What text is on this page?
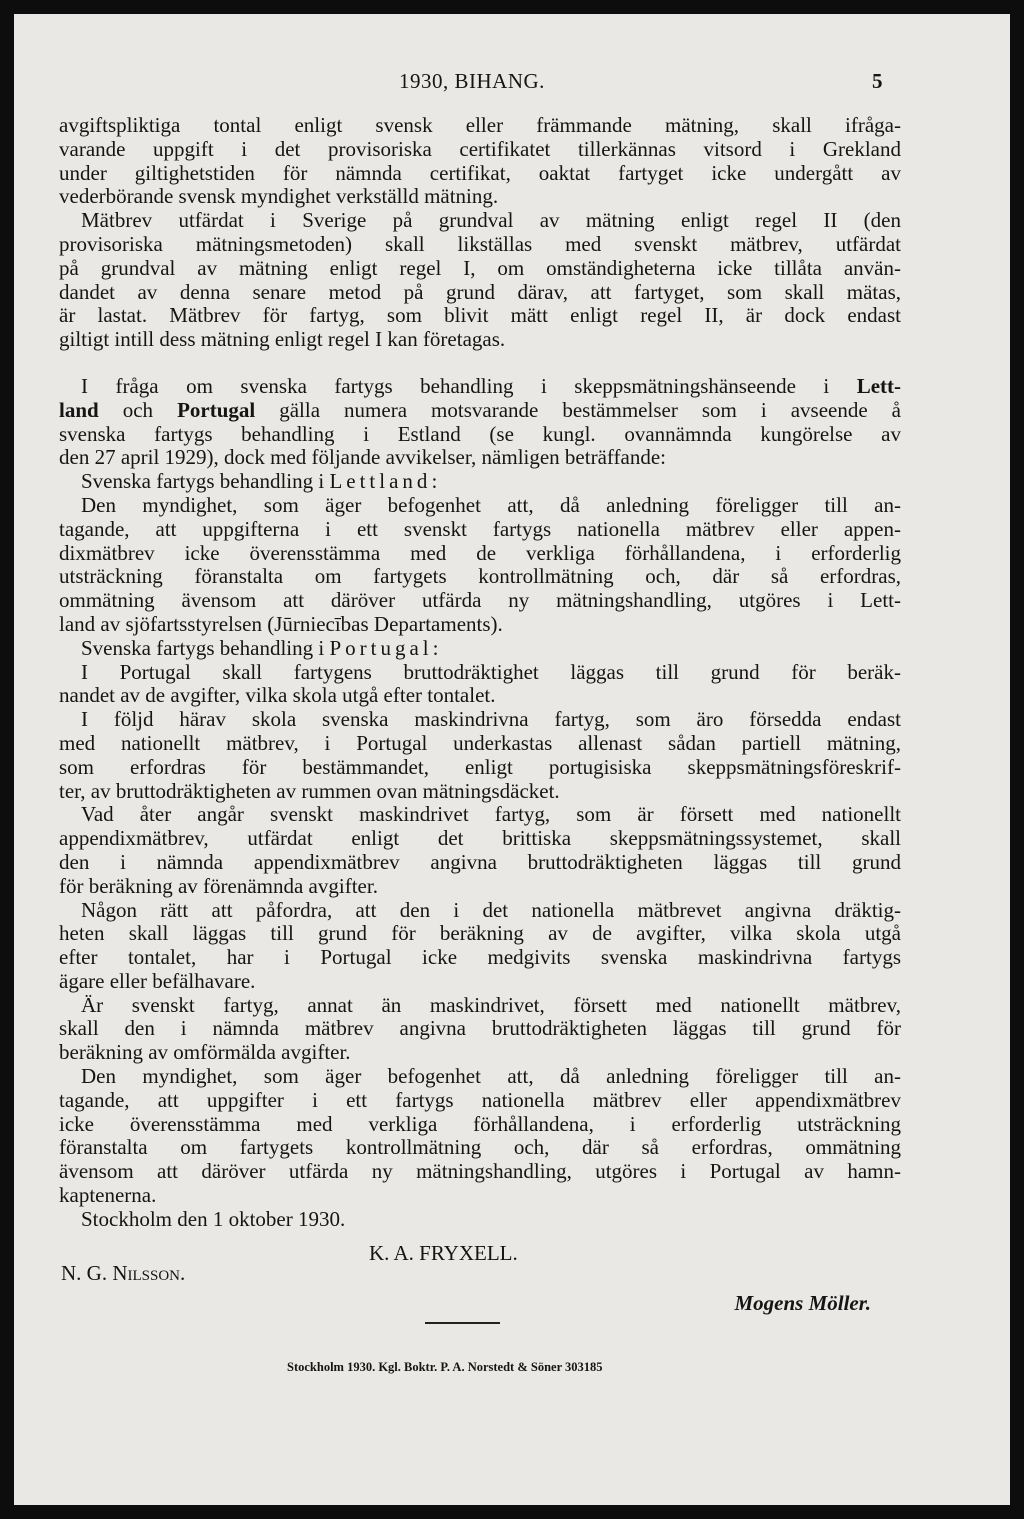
1930, BIHANG.	5
avgiftspliktiga tontal enligt svensk eller främmande mätning, skall ifråga-
varande uppgift i det provisoriska certifikatet tillerkännas vitsord i Grekland
under giltighetstiden för nämnda certifikat, oaktat fartyget icke undergått av
vederbörande svensk myndighet verkställd mätning.
Mätbrev utfärdat i Sverige på grundval av mätning enligt regel II (den
provisoriska mätningsmetoden) skall likställas med svenskt mätbrev, utfärdat
på grundval av mätning enligt regel I, om omständigheterna icke tillåta använ-
dandet av denna senare metod på grund därav, att fartyget, som skall mätas,
är lastat. Mätbrev för fartyg, som blivit mätt enligt regel II, är dock endast
giltigt intill dess mätning enligt regel I kan företagas.
I fråga om svenska fartygs behandling i skeppsmätningshänseende i Lett-
land och Portugal gälla numera motsvarande bestämmelser som i avseende å
svenska fartygs behandling i Estland (se kungl. ovannämnda kungörelse av
den 27 april 1929), dock med följande avvikelser, nämligen beträffande:
Svenska fartygs behandling i Lettland:
Den myndighet, som äger befogenhet att, då anledning föreligger till an-
tagande, att uppgifterna i ett svenskt fartygs nationella mätbrev eller appen-
dixmätbrev icke överensstämma med de verkliga förhållandena, i erforderlig
utsträckning föranstalta om fartygets kontrollmätning och, där så erfordras,
ommätning ävensom att däröver utfärda ny mätningshandling, utgöres i Lett-
land av sjöfartsstyrelsen (Jūrniecības Departaments).
Svenska fartygs behandling i Portugal:
I Portugal skall fartygens bruttodräktighet läggas till grund för beräk-
nandet av de avgifter, vilka skola utgå efter tontalet.
I följd härav skola svenska maskindrivna fartyg, som äro försedda endast
med nationellt mätbrev, i Portugal underkastas allenast sådan partiell mätning,
som erfordras för bestämmandet, enligt portugisiska skeppsmätningsföreskrif-
ter, av bruttodräktigheten av rummen ovan mätningsdäcket.
Vad åter angår svenskt maskindrivet fartyg, som är försett med nationellt
appendixmätbrev, utfärdat enligt det brittiska skeppsmätningssystemet, skall
den i nämnda appendixmätbrev angivna bruttodräktigheten läggas till grund
för beräkning av förenämnda avgifter.
Någon rätt att påfordra, att den i det nationella mätbrevet angivna dräktig-
heten skall läggas till grund för beräkning av de avgifter, vilka skola utgå
efter tontalet, har i Portugal icke medgivits svenska maskindrivna fartygs
ägare eller befälhavare.
Är svenskt fartyg, annat än maskindrivet, försett med nationellt mätbrev,
skall den i nämnda mätbrev angivna bruttodräktigheten läggas till grund för
beräkning av omförmälda avgifter.
Den myndighet, som äger befogenhet att, då anledning föreligger till an-
tagande, att uppgifter i ett fartygs nationella mätbrev eller appendixmätbrev
icke överensstämma med verkliga förhållandena, i erforderlig utsträckning
föranstalta om fartygets kontrollmätning och, där så erfordras, ommätning
ävensom att däröver utfärda ny mätningshandling, utgöres i Portugal av hamn-
kaptenerna.
Stockholm den 1 oktober 1930.
K. A. FRYXELL.
N. G. Nilsson.
Mogens Möller.
Stockholm 1930. Kgl. Boktr. P. A. Norstedt & Söner 303185
